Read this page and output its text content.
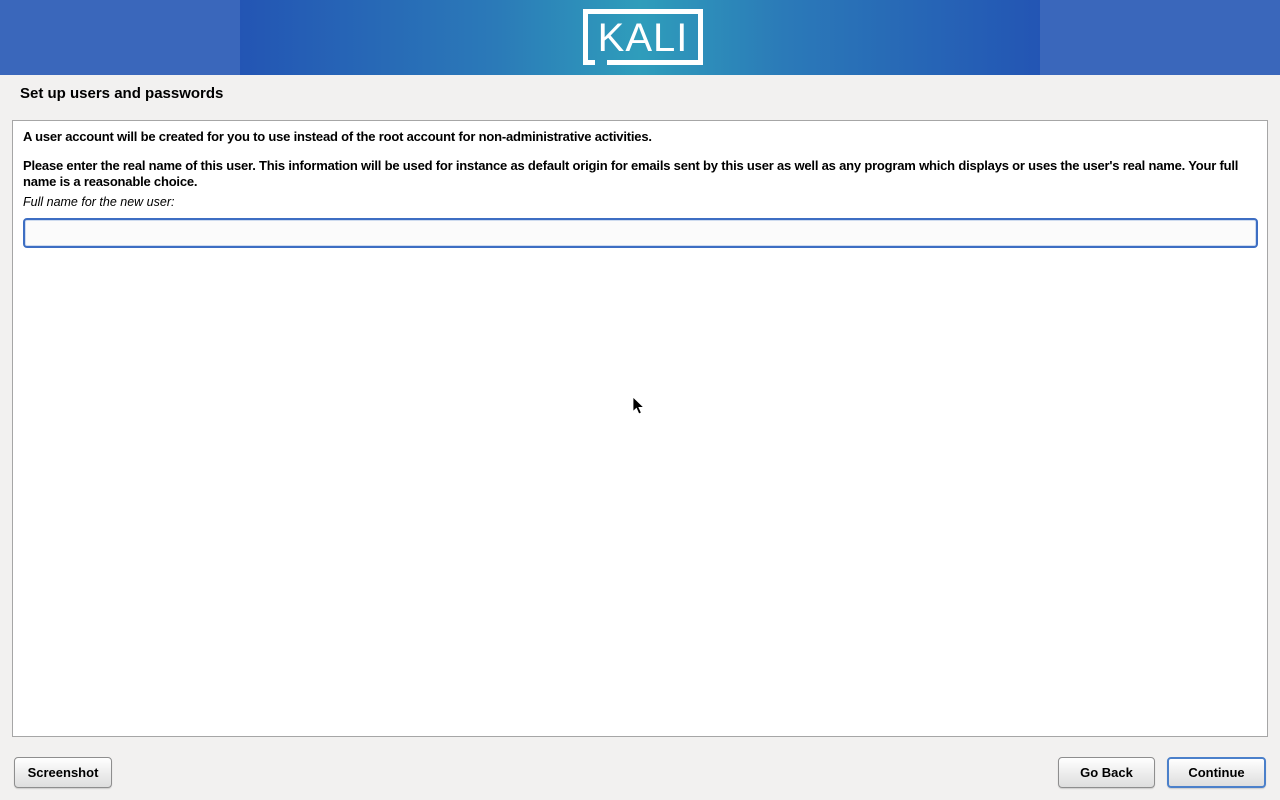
KALI
Set up users and passwords
A user account will be created for you to use instead of the root account for non-administrative activities.
Please enter the real name of this user. This information will be used for instance as default origin for emails sent by this user as well as any program which displays or uses the user's real name. Your full name is a reasonable choice.
Full name for the new user:
Screenshot	Go Back	Continue
